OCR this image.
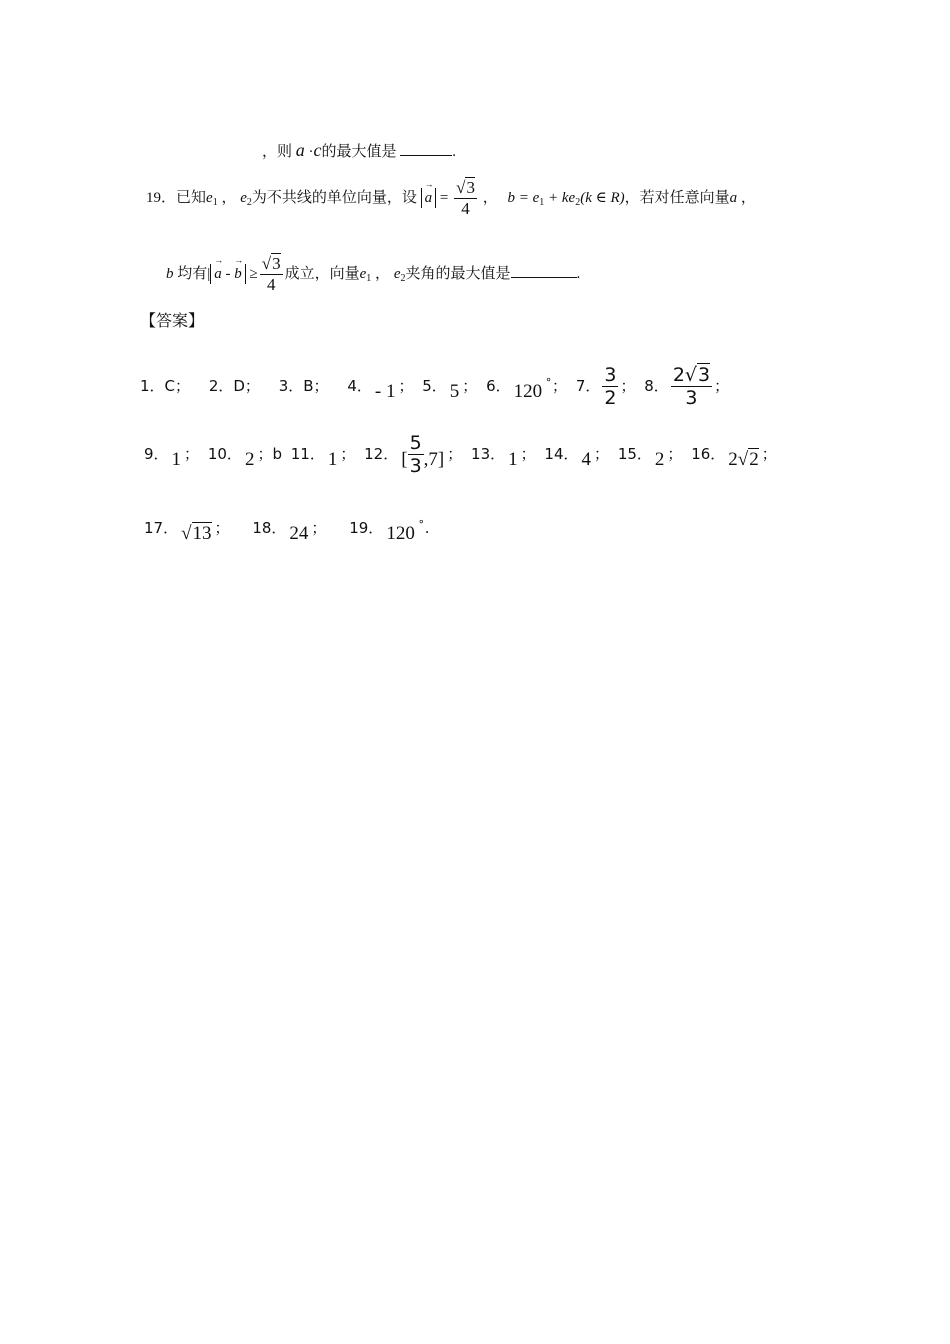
，则 a ·c的最大值是	.
19．已知$e_1$ ， $e_2$为不共线的单位向量，设 → $a = \frac{√3}{4}$ ， $b = e_1 + ke_2(k$ ∈ R)，若对任意向量a ，
b 均有| → a - → $b \ge \frac{√3}{4}$ 成立，向量$e_1$ ， $e_2$夹角的最大值是	.
【答案】
1．C； 2．D； 3．B； 4． - 1 ； 5． 5 ； 6． 120∘； 7． $\frac{3}{2}$ ； 8． $\frac{2√3}{3}$ ；
9． 1 ； 10． 2 ；b 11． 1 ； 12． [ $\frac{5}{3} ,7$] ； 13． 1 ； 14． 4 ； 15． 2 ； 16． 2√2 ；
17． √13 ； 18． 24 ； 19． 120∘.
